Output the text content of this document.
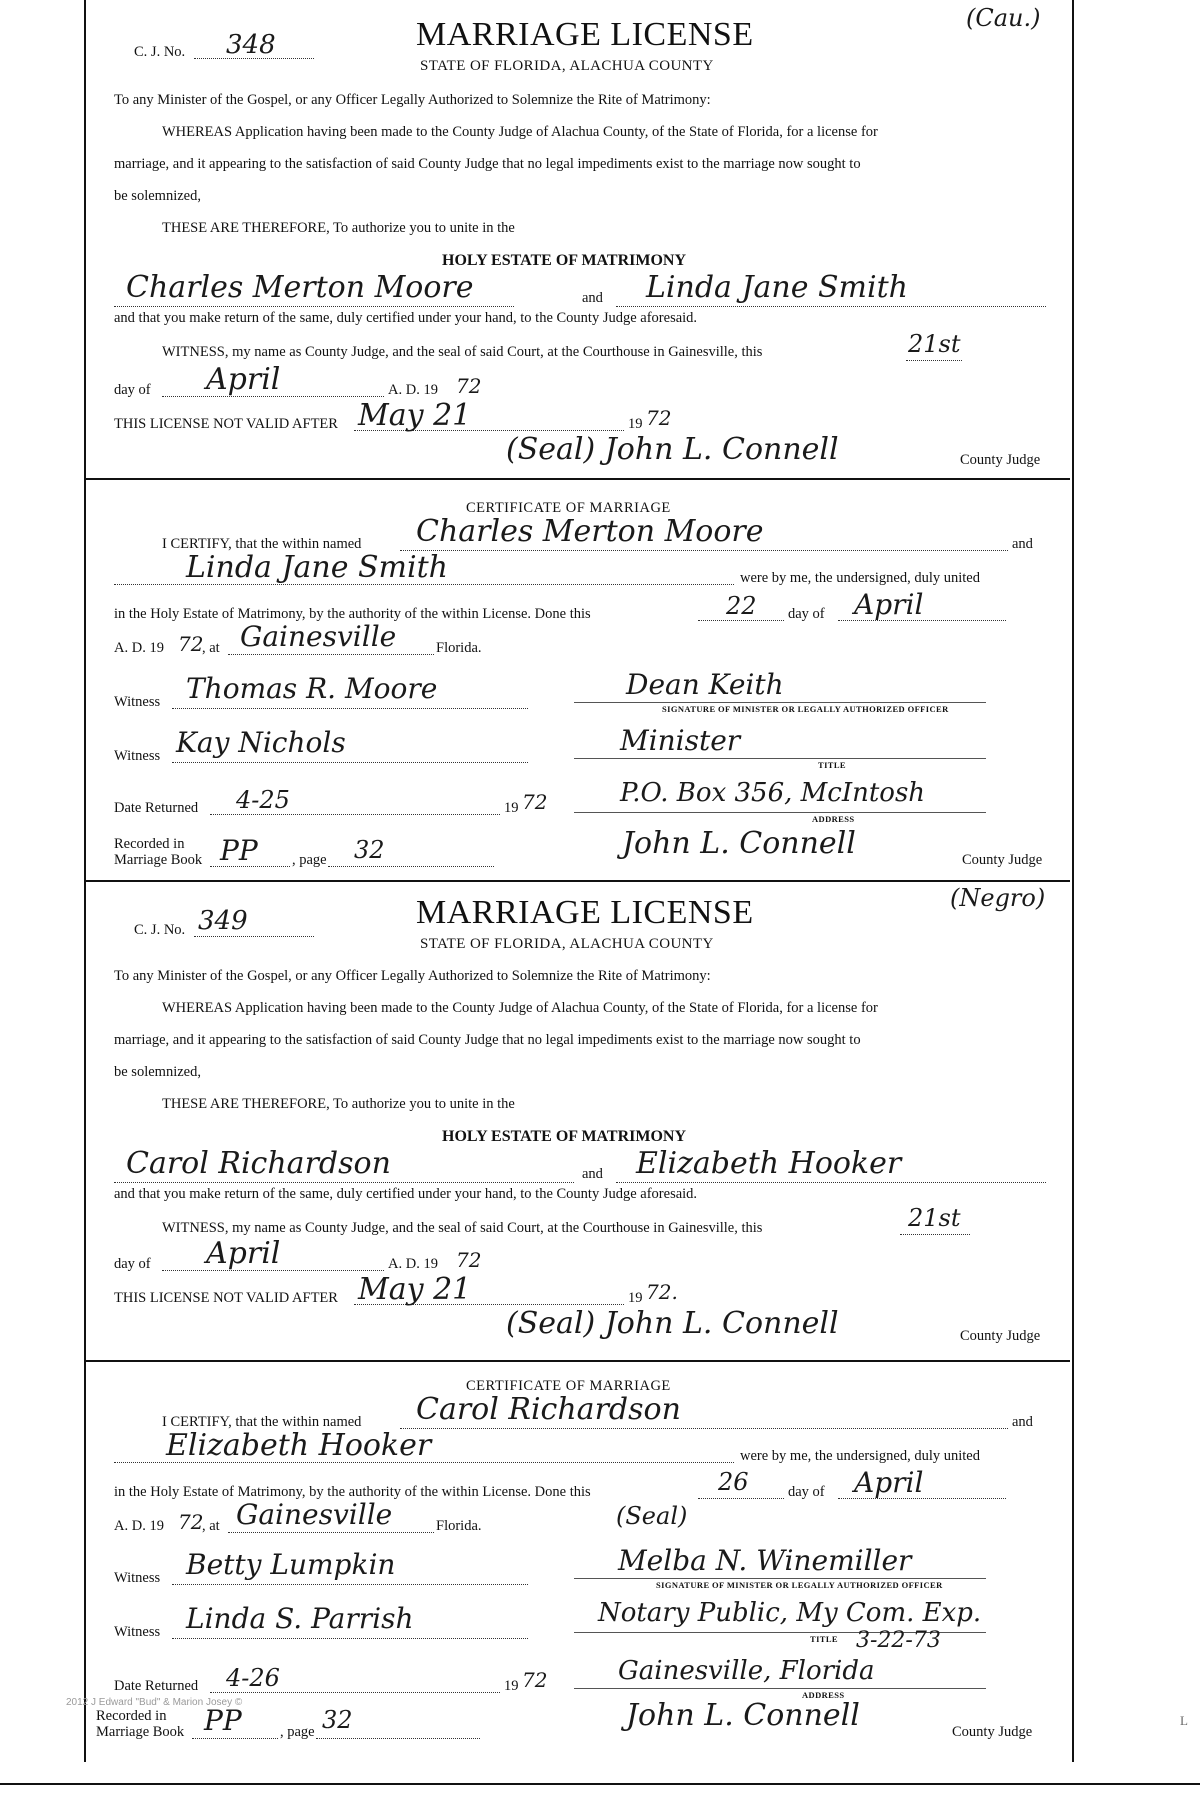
C. J. No. 348	MARRIAGE LICENSE
STATE OF FLORIDA, ALACHUA COUNTY
(Cau.)
To any Minister of the Gospel, or any Officer Legally Authorized to Solemnize the Rite of Matrimony:
WHEREAS Application having been made to the County Judge of Alachua County, of the State of Florida, for a license for
marriage, and it appearing to the satisfaction of said County Judge that no legal impediments exist to the marriage now sought to
be solemnized,
THESE ARE THEREFORE, To authorize you to unite in the
HOLY ESTATE OF MATRIMONY
Charles Merton Moore	and Linda Jane Smith
and that you make return of the same, duly certified under your hand, to the County Judge aforesaid.
WITNESS, my name as County Judge, and the seal of said Court, at the Courthouse in Gainesville, this	21st
day of April	A. D. 19 72
THIS LICENSE NOT VALID AFTER May 21	19 72
(Seal) John L. Connell	County Judge
CERTIFICATE OF MARRIAGE
I CERTIFY, that the within named Charles Merton Moore	and
Linda Jane Smith	were by me, the undersigned, duly united
in the Holy Estate of Matrimony, by the authority of the within License. Done this	22 day of April
A. D. 19 72
, at Gainesville	Florida.
Witness Thomas R. Moore	Dean Keith
SIGNATURE OF MINISTER OR LEGALLY AUTHORIZED OFFICER
Witness Kay Nichols	Minister
TITLE
Date Returned 4-25	19 72	P.O. Box 356, McIntosh
ADDRESS
Recorded in
Marriage Book PP , page 32	John L. Connell	County Judge
C. J. No. 349	MARRIAGE LICENSE
STATE OF FLORIDA, ALACHUA COUNTY
(Negro)
To any Minister of the Gospel, or any Officer Legally Authorized to Solemnize the Rite of Matrimony:
WHEREAS Application having been made to the County Judge of Alachua County, of the State of Florida, for a license for
marriage, and it appearing to the satisfaction of said County Judge that no legal impediments exist to the marriage now sought to
be solemnized,
THESE ARE THEREFORE, To authorize you to unite in the
HOLY ESTATE OF MATRIMONY
Carol Richardson	and Elizabeth Hooker
and that you make return of the same, duly certified under your hand, to the County Judge aforesaid.
WITNESS, my name as County Judge, and the seal of said Court, at the Courthouse in Gainesville, this	21st
day of April	A. D. 19 72
THIS LICENSE NOT VALID AFTER May 21	19 72.
(Seal) John L. Connell	County Judge
CERTIFICATE OF MARRIAGE
I CERTIFY, that the within named Carol Richardson	and
Elizabeth Hooker	were by me, the undersigned, duly united
in the Holy Estate of Matrimony, by the authority of the within License. Done this	26	day of April
A. D. 19 72
, at Gainesville	Florida.	(Seal)
Witness Betty Lumpkin	Melba N. Winemiller
SIGNATURE OF MINISTER OR LEGALLY AUTHORIZED OFFICER
Witness Linda S. Parrish	Notary Public, My Com. Exp.
TITLE 3-22-73
Date Returned 4-26	19 72	Gainesville, Florida
ADDRESS
Recorded in
Marriage Book PP	, page 32	John L. Connell	County Judge
2012 J Edward "Bud" & Marion Josey ©
L
